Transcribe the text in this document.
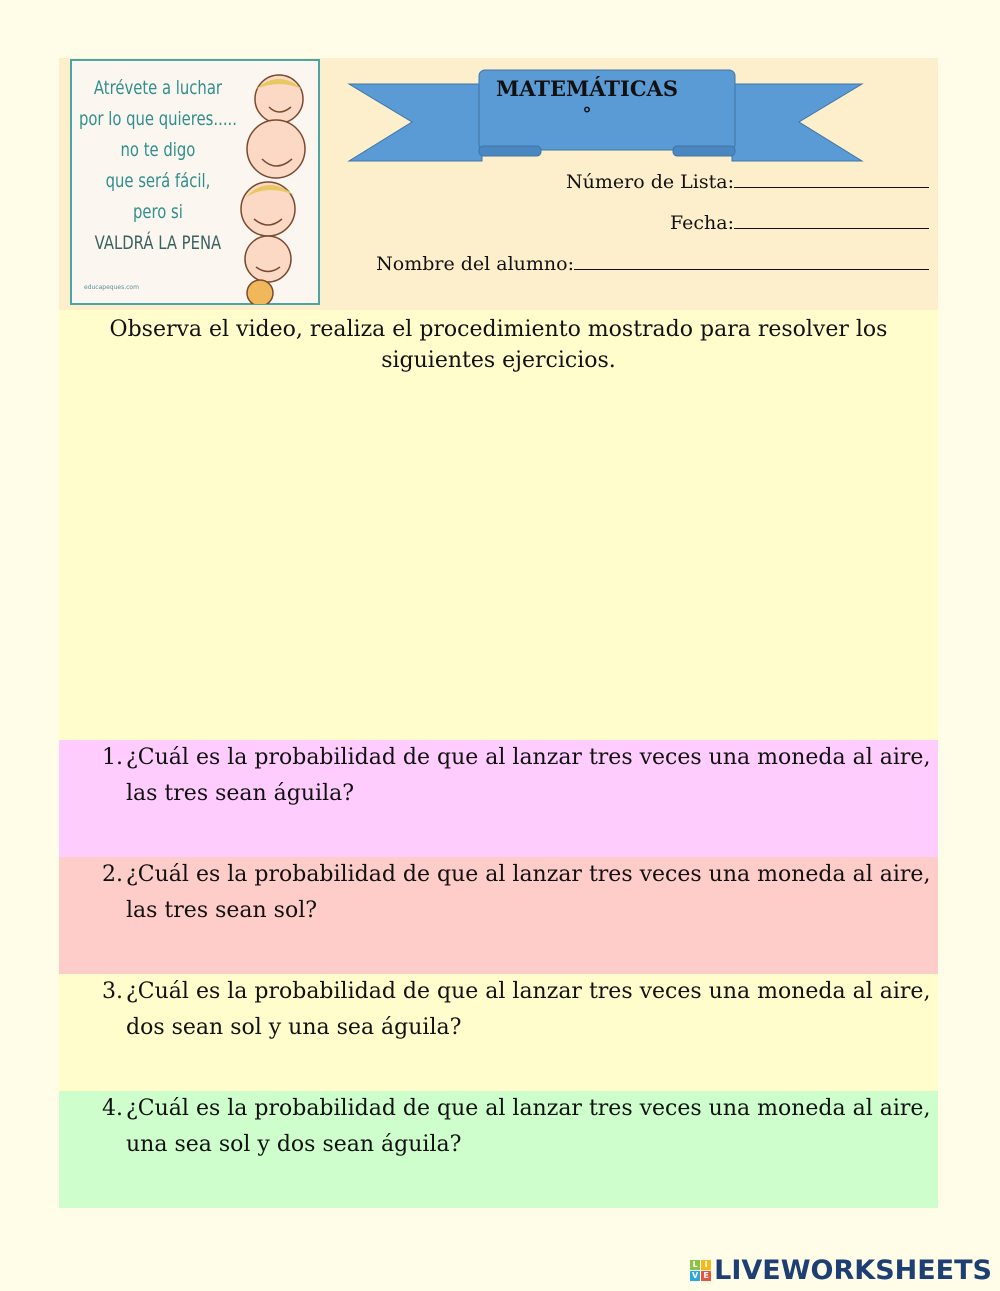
Atrévete a luchar
por lo que quieres.....
no te digo
que será fácil,
pero si
VALDRÁ LA PENA
educapeques.com
MATEMÁTICAS
°
Número de Lista:
Fecha:
Nombre del alumno:

Observa el video, realiza el procedimiento mostrado para resolver los siguientes ejercicios.

1. ¿Cuál es la probabilidad de que al lanzar tres veces una moneda al aire, las tres sean águila?
2. ¿Cuál es la probabilidad de que al lanzar tres veces una moneda al aire, las tres sean sol?
3. ¿Cuál es la probabilidad de que al lanzar tres veces una moneda al aire, dos sean sol y una sea águila?
4. ¿Cuál es la probabilidad de que al lanzar tres veces una moneda al aire, una sea sol y dos sean águila?
L I
V E LIVEWORKSHEETS
